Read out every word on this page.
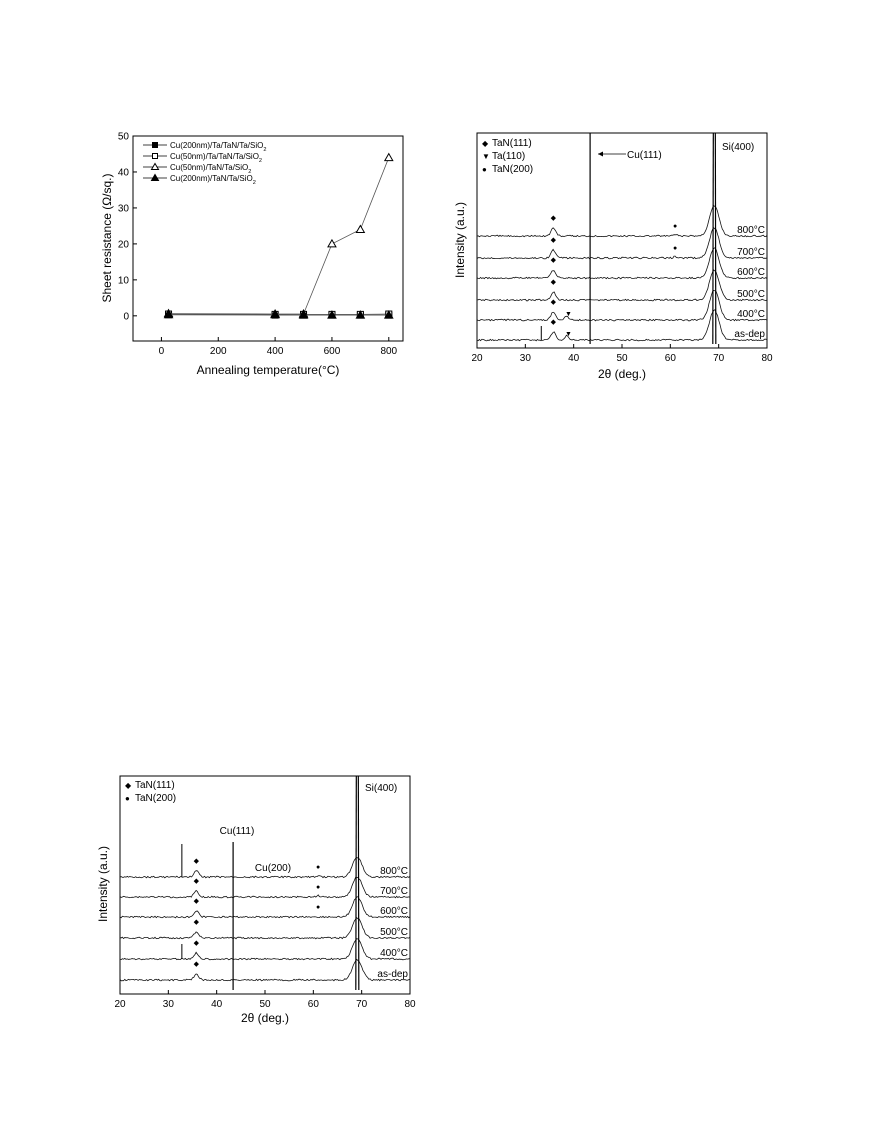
0	200	400	600	800
0
10
20
30
40
50
Cu(200nm)/Ta/TaN/Ta/SiO$_2$
Cu(50nm)/Ta/TaN/Ta/SiO$_2$
Cu(50nm)/TaN/Ta/SiO$_2$
Cu(200nm)/TaN/Ta/SiO$_2$
Sheet resistance (Ω/sq.)
Annealing temperature(°C)
20	30	40	50	60	70	80
◆
●
◆
●
◆
◆
◆
▼
◆
▼
◆ TaN(111)
▼ Ta(110)
● TaN(200)
Cu(111)
Si(400)
800°C
700°C
600°C
500°C
400°C
as-dep
Intensity (a.u.)
2θ (deg.)
20	30	40	50	60	70	80
◆
●
◆
●
◆
●
◆
◆
◆
◆ TaN(111)
● TaN(200)
Cu(111)
Cu(200)
Si(400)
800°C
700°C
600°C
500°C
400°C
as-dep
Intensity (a.u.)
2θ (deg.)
